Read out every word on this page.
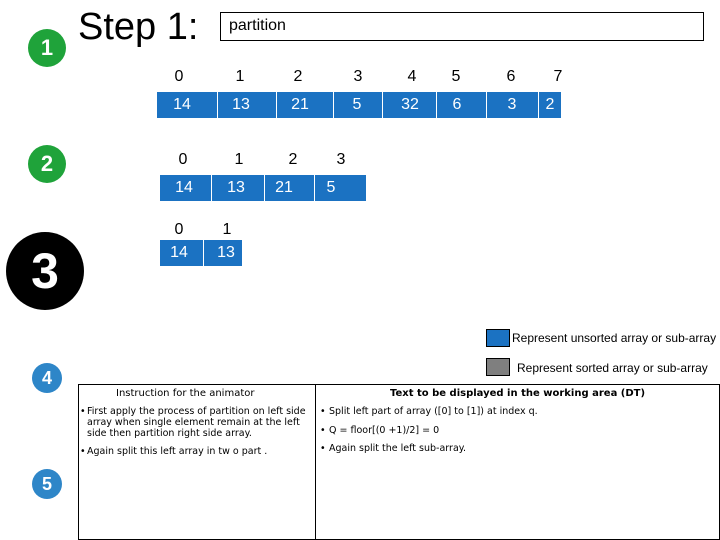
1
2
3
4
5
Step 1:	partition
0	1	2	3	4	5	6	7
14	13	21	5	32	6	3	2
0	1	2	3
14	13	21	5
0	1
14	13
Represent unsorted array or sub-array
Represent sorted array or sub-array
Instruction for the animator	Text to be displayed in the working area (DT)
• First apply the process of partition on left side array when single element remain at the left side then partition right side array.
• Again split this left array in tw o part .
• Split left part of array ([0] to [1]) at index q.
• Q = floor[(0 +1)/2] = 0
• Again split the left sub-array.
